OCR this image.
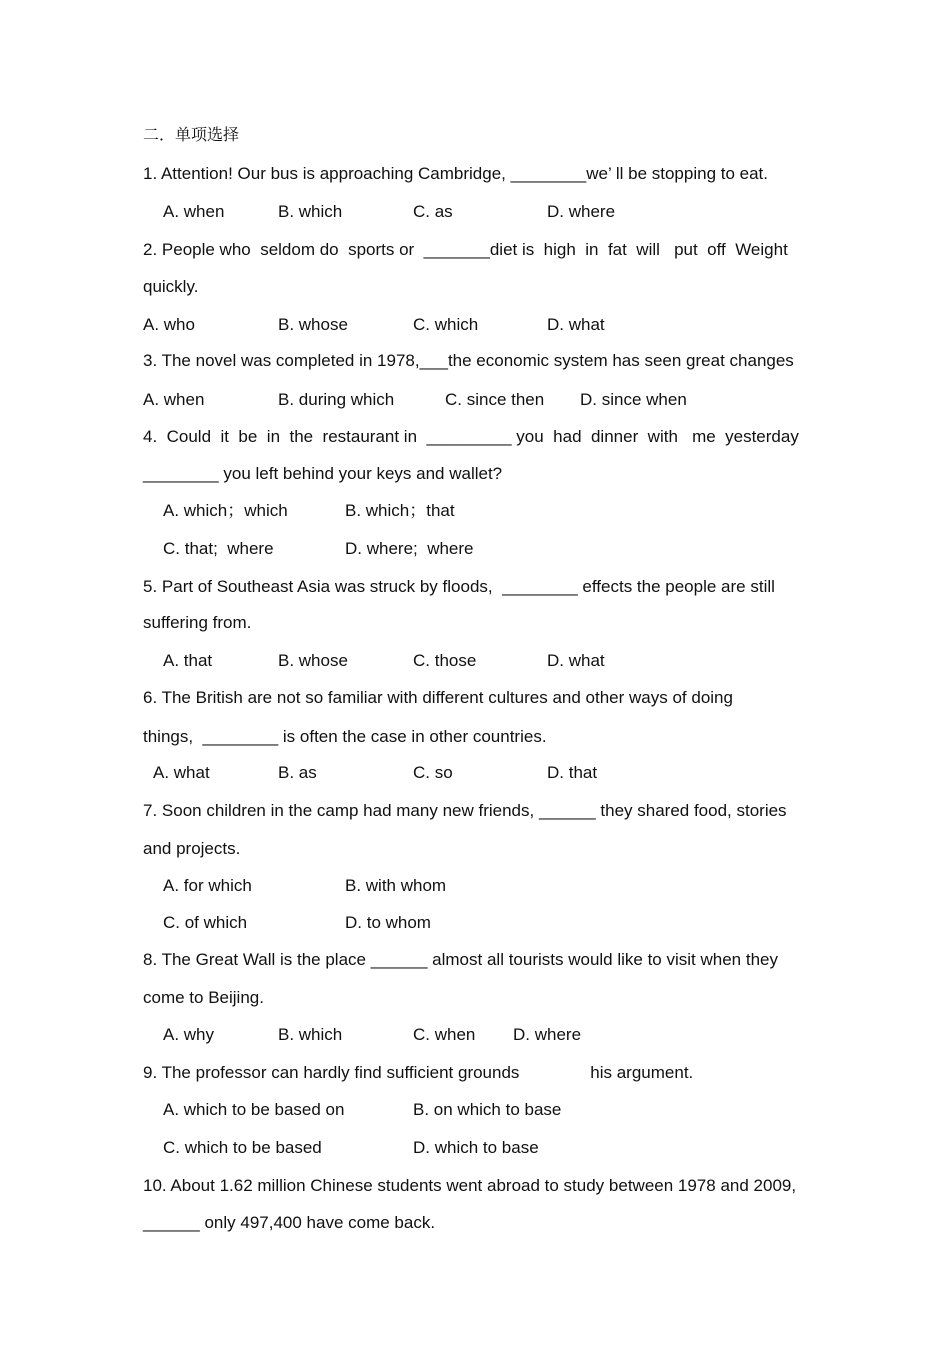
二．单项选择
1. Attention! Our bus is approaching Cambridge, ________we’ ll be stopping to eat.
A. when	B. which	C. as	D. where
2. People who  seldom do  sports or  _______diet is  high  in  fat  will   put  off  Weight
quickly.
A. who	B. whose	C. which	D. what
3. The novel was completed in 1978,___the economic system has seen great changes
A. when	B. during which	C. since then D. since when
4.  Could  it  be  in  the  restaurant in  _________ you  had  dinner  with   me  yesterday
________ you left behind your keys and wallet?
A. which；which	B. which；that
C. that;  where	D. where;  where
5. Part of Southeast Asia was struck by floods,  ________ effects the people are still
suffering from.
A. that	B. whose	C. those	D. what
6. The British are not so familiar with different cultures and other ways of doing
things,  ________ is often the case in other countries.
A. what	B. as	C. so	D. that
7. Soon children in the camp had many new friends, ______ they shared food, stories
and projects.
A. for which	B. with whom
C. of which	D. to whom
8. The Great Wall is the place ______ almost all tourists would like to visit when they
come to Beijing.
A. why	B. which	C. when D. where
9. The professor can hardly find sufficient grounds               his argument.
A. which to be based on	B. on which to base
C. which to be based	D. which to base
10. About 1.62 million Chinese students went abroad to study between 1978 and 2009,
______ only 497,400 have come back.
